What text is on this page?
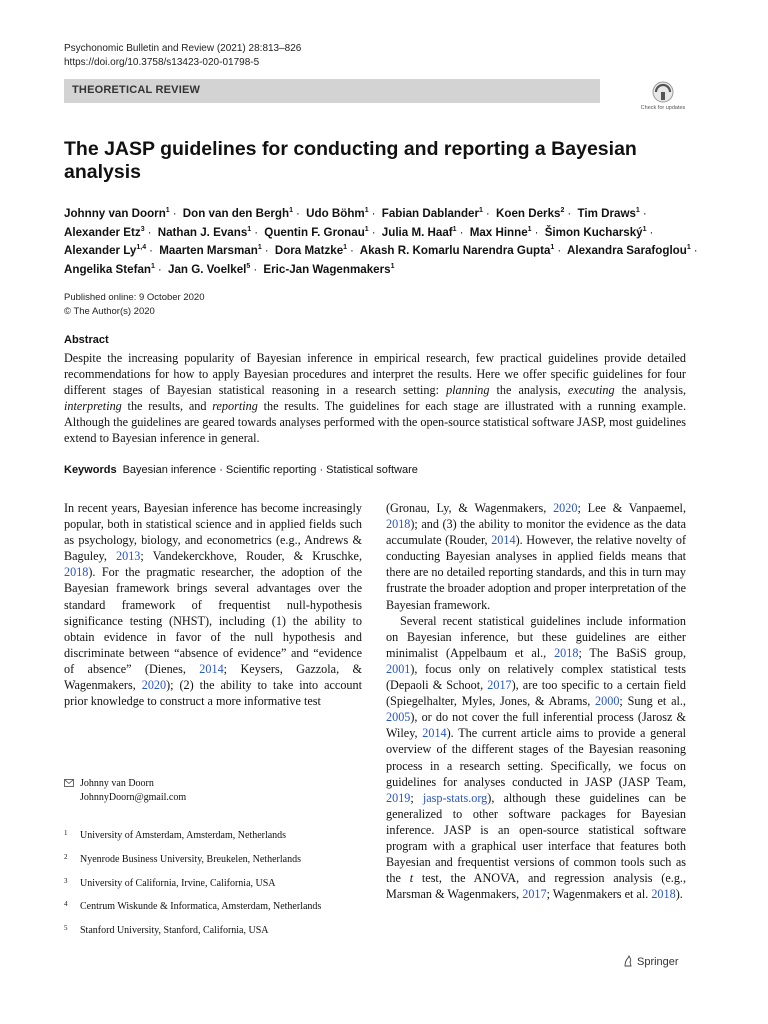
Psychonomic Bulletin and Review (2021) 28:813–826
https://doi.org/10.3758/s13423-020-01798-5
THEORETICAL REVIEW
Check for updates
The JASP guidelines for conducting and reporting a Bayesian analysis
Johnny van Doorn$^1$ · Don van den Bergh$^1$ · Udo Böhm$^1$ · Fabian Dablander$^1$ · Koen Derks$^2$ · Tim Draws$^1$ · Alexander Etz$^3$ · Nathan J. Evans$^1$ · Quentin F. Gronau$^1$ · Julia M. Haaf$^1$ · Max Hinne$^1$ · Šimon Kucharský$^1$ · Alexander Ly$^{1,4}$ · Maarten Marsman$^1$ · Dora Matzke$^1$ · Akash R. Komarlu Narendra Gupta$^1$ · Alexandra Sarafoglou$^1$ · Angelika Stefan$^1$ · Jan G. Voelkel$^5$ · Eric-Jan Wagenmakers$^1$
Published online: 9 October 2020
© The Author(s) 2020
Abstract
Despite the increasing popularity of Bayesian inference in empirical research, few practical guidelines provide detailed recommendations for how to apply Bayesian procedures and interpret the results. Here we offer specific guidelines for four different stages of Bayesian statistical reasoning in a research setting: planning the analysis, executing the analysis, interpreting the results, and reporting the results. The guidelines for each stage are illustrated with a running example. Although the guidelines are geared towards analyses performed with the open-source statistical software JASP, most guidelines extend to Bayesian inference in general.
Keywords Bayesian inference · Scientific reporting · Statistical software

In recent years, Bayesian inference has become increasingly popular, both in statistical science and in applied fields such as psychology, biology, and econometrics (e.g., Andrews & Baguley, 2013; Vandekerckhove, Rouder, & Kruschke, 2018). For the pragmatic researcher, the adoption of the Bayesian framework brings several advantages over the standard framework of frequentist null-hypothesis significance testing (NHST), including (1) the ability to obtain evidence in favor of the null hypothesis and discriminate between “absence of evidence” and “evidence of absence” (Dienes, 2014; Keysers, Gazzola, & Wagenmakers, 2020); (2) the ability to take into account prior knowledge to construct a more informative test

(Gronau, Ly, & Wagenmakers, 2020; Lee & Vanpaemel, 2018); and (3) the ability to monitor the evidence as the data accumulate (Rouder, 2014). However, the relative novelty of conducting Bayesian analyses in applied fields means that there are no detailed reporting standards, and this in turn may frustrate the broader adoption and proper interpretation of the Bayesian framework.

Several recent statistical guidelines include information on Bayesian inference, but these guidelines are either minimalist (Appelbaum et al., 2018; The BaSiS group, 2001), focus only on relatively complex statistical tests (Depaoli & Schoot, 2017), are too specific to a certain field (Spiegelhalter, Myles, Jones, & Abrams, 2000; Sung et al., 2005), or do not cover the full inferential process (Jarosz & Wiley, 2014). The current article aims to provide a general overview of the different stages of the Bayesian reasoning process in a research setting. Specifically, we focus on guidelines for analyses conducted in JASP (JASP Team, 2019; jasp-stats.org), although these guidelines can be generalized to other software packages for Bayesian inference. JASP is an open-source statistical software program with a graphical user interface that features both Bayesian and frequentist versions of common tools such as the t test, the ANOVA, and regression analysis (e.g., Marsman & Wagenmakers, 2017; Wagenmakers et al. 2018).

Johnny van Doorn
JohnnyDoorn@gmail.com
1 University of Amsterdam, Amsterdam, Netherlands
2 Nyenrode Business University, Breukelen, Netherlands
3 University of California, Irvine, California, USA
4 Centrum Wiskunde & Informatica, Amsterdam, Netherlands
5 Stanford University, Stanford, California, USA
Springer
